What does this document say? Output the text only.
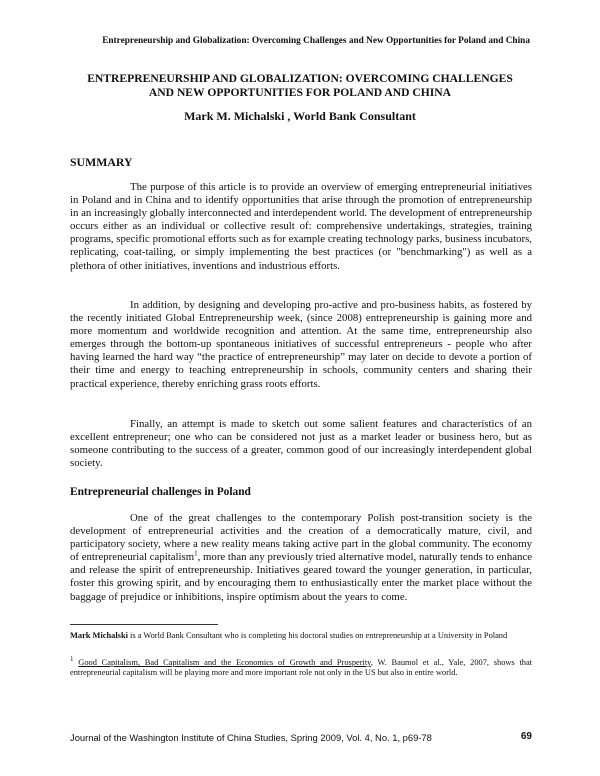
Entrepreneurship and Globalization: Overcoming Challenges and New Opportunities for Poland and China
ENTREPRENEURSHIP AND GLOBALIZATION: OVERCOMING CHALLENGES
AND NEW OPPORTUNITIES FOR POLAND AND CHINA
Mark M. Michalski , World Bank Consultant
SUMMARY
The purpose of this article is to provide an overview of emerging entrepreneurial initiatives in Poland and in China and to identify opportunities that arise through the promotion of entrepreneurship in an increasingly globally interconnected and interdependent world. The development of entrepreneurship occurs either as an individual or collective result of: comprehensive undertakings, strategies, training programs, specific promotional efforts such as for example creating technology parks, business incubators, replicating, coat-tailing, or simply implementing the best practices (or "benchmarking") as well as a plethora of other initiatives, inventions and industrious efforts.
In addition, by designing and developing pro-active and pro-business habits, as fostered by the recently initiated Global Entrepreneurship week, (since 2008) entrepreneurship is gaining more and more momentum and worldwide recognition and attention. At the same time, entrepreneurship also emerges through the bottom-up spontaneous initiatives of successful entrepreneurs - people who after having learned the hard way “the practice of entrepreneurship” may later on decide to devote a portion of their time and energy to teaching entrepreneurship in schools, community centers and sharing their practical experience, thereby enriching grass roots efforts.
Finally, an attempt is made to sketch out some salient features and characteristics of an excellent entrepreneur; one who can be considered not just as a market leader or business hero, but as someone contributing to the success of a greater, common good of our increasingly interdependent global society.
Entrepreneurial challenges in Poland
One of the great challenges to the contemporary Polish post-transition society is the development of entrepreneurial activities and the creation of a democratically mature, civil, and participatory society, where a new reality means taking active part in the global community. The economy of entrepreneurial capitalism$^1$, more than any previously tried alternative model, naturally tends to enhance and release the spirit of entrepreneurship. Initiatives geared toward the younger generation, in particular, foster this growing spirit, and by encouraging them to enthusiastically enter the market place without the baggage of prejudice or inhibitions, inspire optimism about the years to come.
Mark Michalski is a World Bank Consultant who is completing his doctoral studies on entrepreneurship at a University in Poland
$^1$ Good Capitalism, Bad Capitalism and the Economics of Growth and Prosperity, W. Baumol et al., Yale, 2007, shows that entrepreneurial capitalism will be playing more and more important role not only in the US but also in entire world.
Journal of the Washington Institute of China Studies, Spring 2009, Vol. 4, No. 1, p69-78	69
